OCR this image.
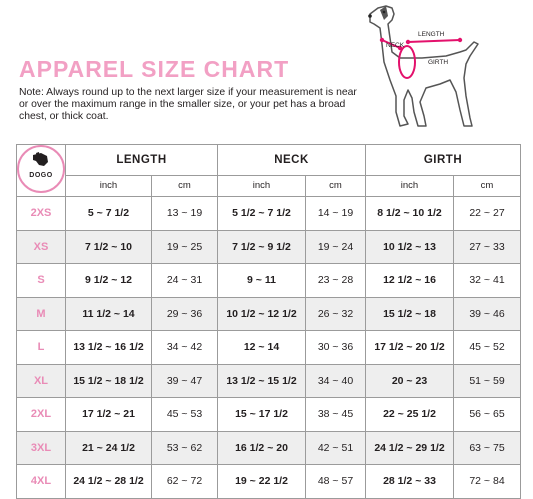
APPAREL SIZE CHART
Note: Always round up to the next larger size if your measurement is near or over the maximum range in the smaller size, or your pet has a broad chest, or thick coat.
NECK
LENGTH
GIRTH
DOGO	LENGTH		NECK		GIRTH	
	inch	cm	inch	cm	inch	cm
2XS	5 ~ 7 1/2	13 ~ 19	5 1/2 ~ 7 1/2	14 ~ 19	8 1/2 ~ 10 1/2	22 ~ 27
XS	7 1/2 ~ 10	19 ~ 25	7 1/2 ~ 9 1/2	19 ~ 24	10 1/2 ~ 13	27 ~ 33
S	9 1/2 ~ 12	24 ~ 31	9 ~ 11	23 ~ 28	12 1/2 ~ 16	32 ~ 41
M	11 1/2 ~ 14	29 ~ 36	10 1/2 ~ 12 1/2	26 ~ 32	15 1/2 ~ 18	39 ~ 46
L	13 1/2 ~ 16 1/2	34 ~ 42	12 ~ 14	30 ~ 36	17 1/2 ~ 20 1/2	45 ~ 52
XL	15 1/2 ~ 18 1/2	39 ~ 47	13 1/2 ~ 15 1/2	34 ~ 40	20 ~ 23	51 ~ 59
2XL	17 1/2 ~ 21	45 ~ 53	15 ~ 17 1/2	38 ~ 45	22 ~ 25 1/2	56 ~ 65
3XL	21 ~ 24 1/2	53 ~ 62	16 1/2 ~ 20	42 ~ 51	24 1/2 ~ 29 1/2	63 ~ 75
4XL	24 1/2 ~ 28 1/2	62 ~ 72	19 ~ 22 1/2	48 ~ 57	28 1/2 ~ 33	72 ~ 84
